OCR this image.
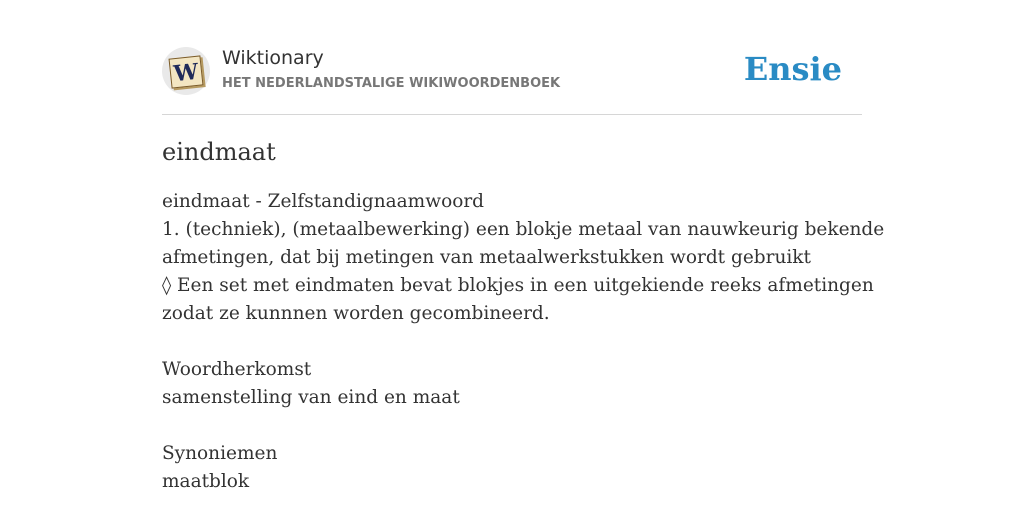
W
Wiktionary
HET NEDERLANDSTALIGE WIKIWOORDENBOEK	Ensie
eindmaat
eindmaat - Zelfstandignaamwoord
1. (techniek), (metaalbewerking) een blokje metaal van nauwkeurig bekende
afmetingen, dat bij metingen van metaalwerkstukken wordt gebruikt
◊ Een set met eindmaten bevat blokjes in een uitgekiende reeks afmetingen
zodat ze kunnnen worden gecombineerd.
Woordherkomst
samenstelling van eind en maat
Synoniemen
maatblok
